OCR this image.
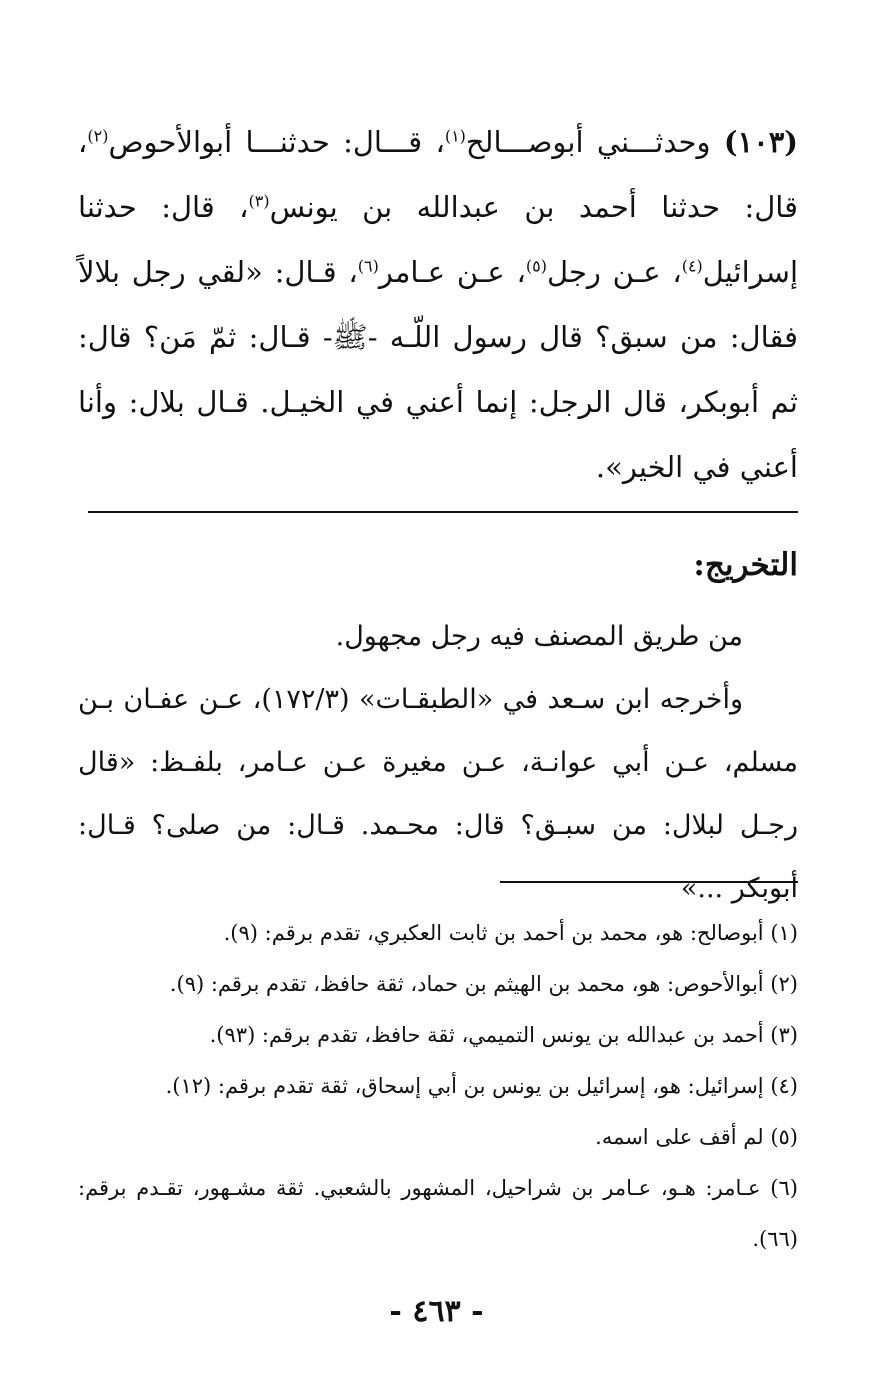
(١٠٣) وحدثـــني أبوصـــالح$^{(١)}$، قـــال: حدثنـــا أبوالأحوص$^{(٢)}$، قال: حدثنا أحمد بن عبدالله بن يونس$^{(٣)}$، قال: حدثنا إسرائيل$^{(٤)}$، عـن رجل$^{(٥)}$، عـن عـامر$^{(٦)}$، قـال: «لقي رجل بلالاً فقال: من سبق؟ قال رسول اللّـه -ﷺ- قـال: ثمّ مَن؟ قال: ثم أبوبكر، قال الرجل: إنما أعني في الخيـل. قـال بلال: وأنا أعني في الخير».
التخريج:

من طريق المصنف فيه رجل مجهول.

وأخرجه ابن سـعد في «الطبقـات» (١٧٢/٣)، عـن عفـان بـن مسلم، عـن أبي عوانـة، عـن مغيرة عـن عـامر، بلفـظ: «قال رجـل لبلال: من سبـق؟ قال: محـمد. قـال: من صلى؟ قـال: أبوبكر ...»

(١) أبوصالح: هو، محمد بن أحمد بن ثابت العكبري، تقدم برقم: (٩).

(٢) أبوالأحوص: هو، محمد بن الهيثم بن حماد، ثقة حافظ، تقدم برقم: (٩).

(٣) أحمد بن عبدالله بن يونس التميمي، ثقة حافظ، تقدم برقم: (٩٣).

(٤) إسرائيل: هو، إسرائيل بن يونس بن أبي إسحاق، ثقة تقدم برقم: (١٢).

(٥) لم أقف على اسمه.

(٦) عـامر: هـو، عـامر بن شراحيل، المشهور بالشعبي. ثقة مشـهور، تقـدم برقم: (٦٦).

- ٤٦٣ -
